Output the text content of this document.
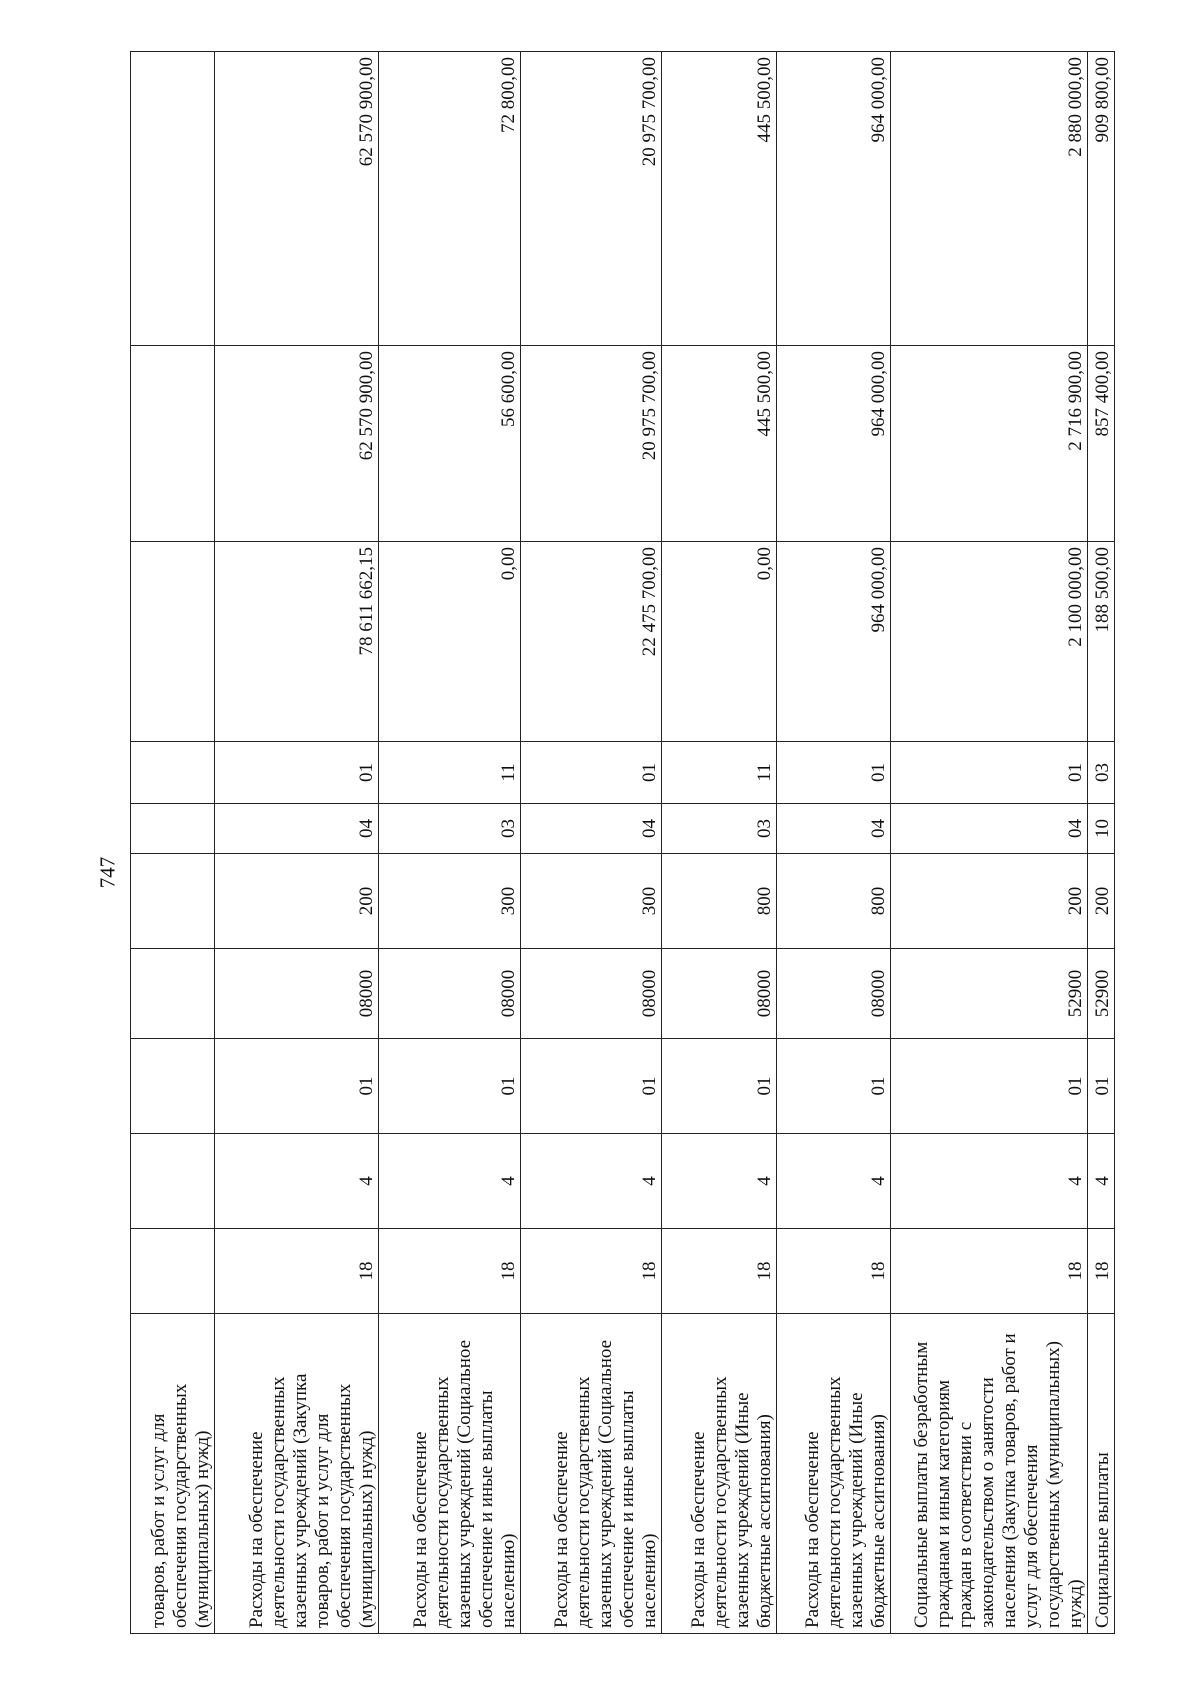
747
товаров, работ и услуг для обеспечения государственных (муниципальных) нужд)										
Расходы на обеспечение деятельности государственных казенных учреждений (Закупка товаров, работ и услуг для обеспечения государственных (муниципальных) нужд)	18	4	01	08000	200	04	01	78 611 662,15	62 570 900,00	62 570 900,00
Расходы на обеспечение деятельности государственных казенных учреждений (Социальное обеспечение и иные выплаты населению)	18	4	01	08000	300	03	11	0,00	56 600,00	72 800,00
Расходы на обеспечение деятельности государственных казенных учреждений (Социальное обеспечение и иные выплаты населению)	18	4	01	08000	300	04	01	22 475 700,00	20 975 700,00	20 975 700,00
Расходы на обеспечение деятельности государственных казенных учреждений (Иные бюджетные ассигнования)	18	4	01	08000	800	03	11	0,00	445 500,00	445 500,00
Расходы на обеспечение деятельности государственных казенных учреждений (Иные бюджетные ассигнования)	18	4	01	08000	800	04	01	964 000,00	964 000,00	964 000,00
Социальные выплаты безработным гражданам и иным категориям граждан в соответствии с законодательством о занятости населения (Закупка товаров, работ и услуг для обеспечения государственных (муниципальных) нужд)	18	4	01	52900	200	04	01	2 100 000,00	2 716 900,00	2 880 000,00
Социальные выплаты	18	4	01	52900	200	10	03	188 500,00	857 400,00	909 800,00
